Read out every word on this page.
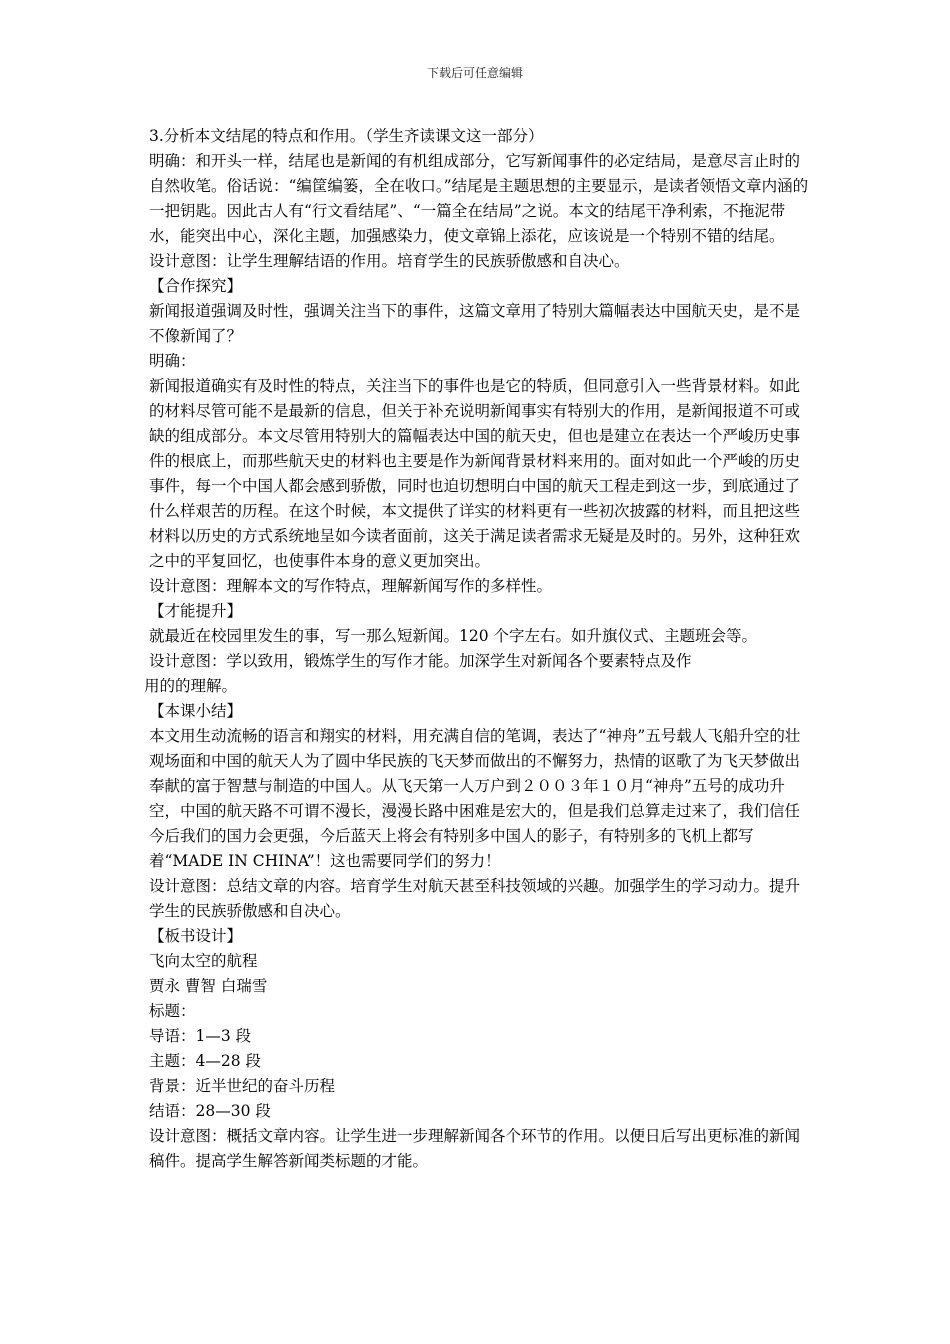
下载后可任意编辑

3.分析本文结尾的特点和作用。（学生齐读课文这一部分）

明确：和开头一样，结尾也是新闻的有机组成部分，它写新闻事件的必定结局，是意尽言止时的自然收笔。俗话说：“编筐编篓，全在收口。”结尾是主题思想的主要显示，是读者领悟文章内涵的一把钥匙。因此古人有“行文看结尾”、“一篇全在结局”之说。本文的结尾干净利索，不拖泥带水，能突出中心，深化主题，加强感染力，使文章锦上添花，应该说是一个特别不错的结尾。

设计意图：让学生理解结语的作用。培育学生的民族骄傲感和自决心。

【合作探究】

新闻报道强调及时性，强调关注当下的事件，这篇文章用了特别大篇幅表达中国航天史，是不是不像新闻了？

明确：

新闻报道确实有及时性的特点，关注当下的事件也是它的特质，但同意引入一些背景材料。如此的材料尽管可能不是最新的信息，但关于补充说明新闻事实有特别大的作用，是新闻报道不可或缺的组成部分。本文尽管用特别大的篇幅表达中国的航天史，但也是建立在表达一个严峻历史事件的根底上，而那些航天史的材料也主要是作为新闻背景材料来用的。面对如此一个严峻的历史事件，每一个中国人都会感到骄傲，同时也迫切想明白中国的航天工程走到这一步，到底通过了什么样艰苦的历程。在这个时候，本文提供了详实的材料更有一些初次披露的材料，而且把这些材料以历史的方式系统地呈如今读者面前，这关于满足读者需求无疑是及时的。另外，这种狂欢之中的平复回忆，也使事件本身的意义更加突出。

设计意图：理解本文的写作特点，理解新闻写作的多样性。

【才能提升】

就最近在校园里发生的事，写一那么短新闻。120 个字左右。如升旗仪式、主题班会等。

设计意图：学以致用，锻炼学生的写作才能。加深学生对新闻各个要素特点及作

用的的理解。

【本课小结】

本文用生动流畅的语言和翔实的材料，用充满自信的笔调，表达了“神舟”五号载人飞船升空的壮观场面和中国的航天人为了圆中华民族的飞天梦而做出的不懈努力，热情的讴歌了为飞天梦做出奉献的富于智慧与制造的中国人。从飞天第一人万户到２００３年１０月“神舟”五号的成功升空，中国的航天路不可谓不漫长，漫漫长路中困难是宏大的，但是我们总算走过来了，我们信任今后我们的国力会更强，今后蓝天上将会有特别多中国人的影子，有特别多的飞机上都写着“MADE IN CHINA”！这也需要同学们的努力！

设计意图：总结文章的内容。培育学生对航天甚至科技领域的兴趣。加强学生的学习动力。提升学生的民族骄傲感和自决心。

【板书设计】

飞向太空的航程

贾永 曹智 白瑞雪

标题：

导语：1—3 段

主题：4—28 段

背景：近半世纪的奋斗历程

结语：28—30 段

设计意图：概括文章内容。让学生进一步理解新闻各个环节的作用。以便日后写出更标准的新闻稿件。提高学生解答新闻类标题的才能。
